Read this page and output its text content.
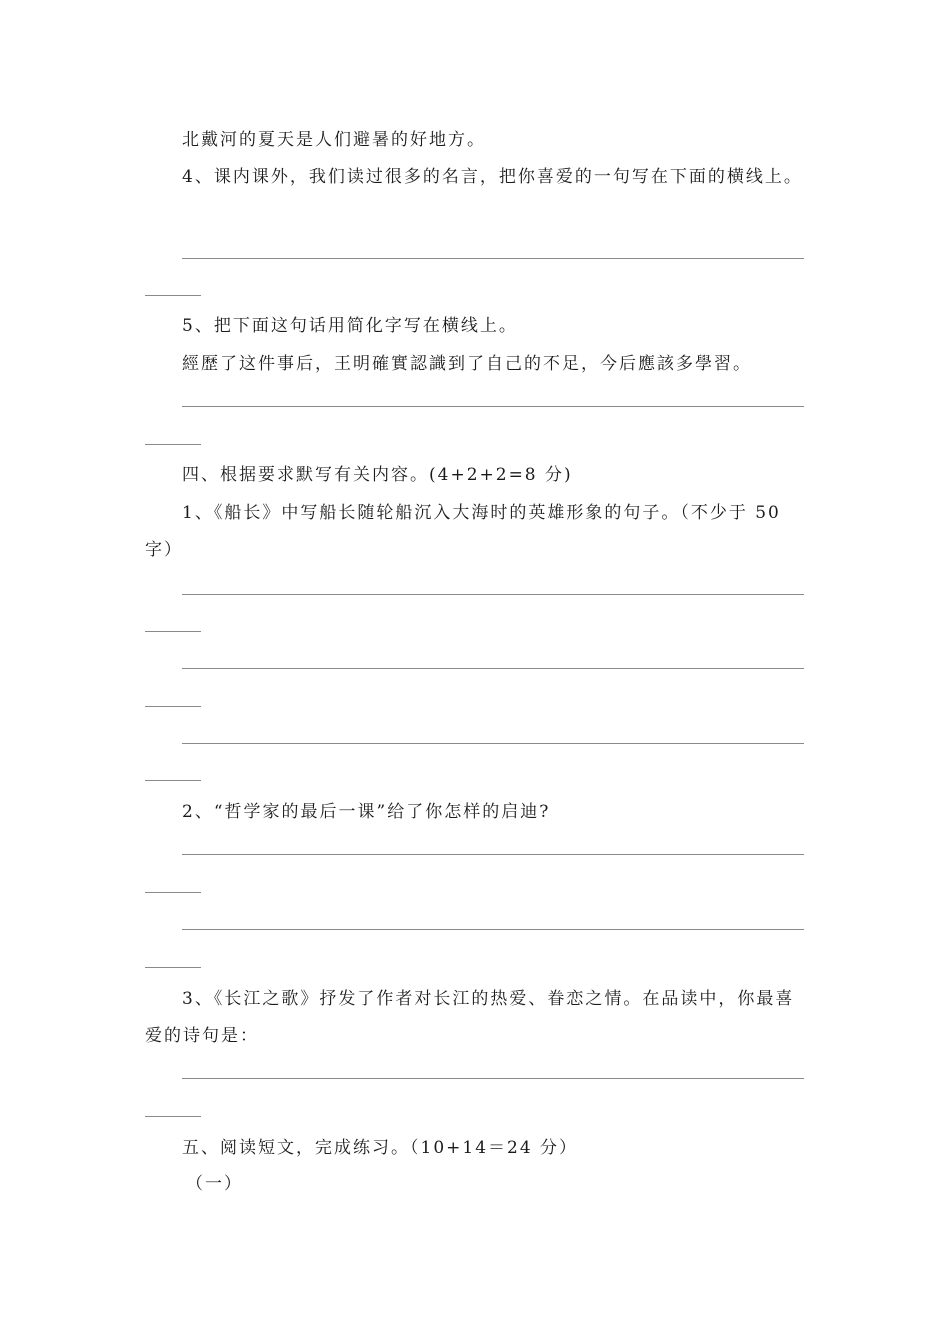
北戴河的夏天是人们避暑的好地方。
4、课内课外，我们读过很多的名言，把你喜爱的一句写在下面的横线上。
5、把下面这句话用简化字写在横线上。
經歷了这件事后，王明確實認識到了自己的不足，今后應該多學習。
四、根据要求默写有关内容。(4+2+2=8 分)
1、《船长》中写船长随轮船沉入大海时的英雄形象的句子。（不少于 50
字）
2、“哲学家的最后一课”给了你怎样的启迪?
3、《长江之歌》抒发了作者对长江的热爱、眷恋之情。在品读中，你最喜
爱的诗句是：
五、阅读短文，完成练习。（10+14＝24 分）
（一）
